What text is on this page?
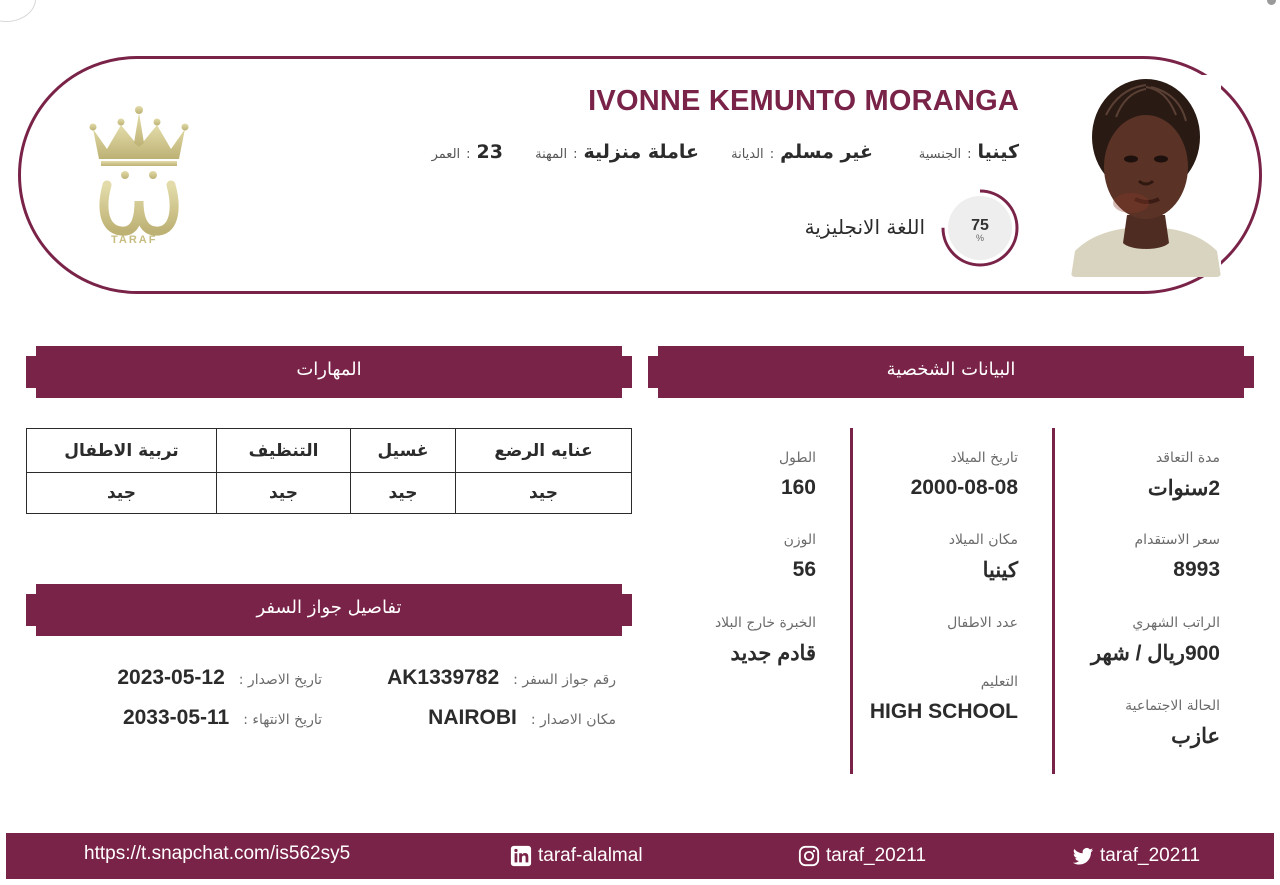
TARAF
IVONNE KEMUNTO MORANGA
الجنسية : كينيا
الديانة : غير مسلم
المهنة : عاملة منزلية
العمر : 23
اللغة الانجليزية	75
%
البيانات الشخصية
مدة التعاقد
2سنوات
سعر الاستقدام
8993
الراتب الشهري
900ريال / شهر
الحالة الاجتماعية
عازب
تاريخ الميلاد
2000-08-08
مكان الميلاد
كينيا
عدد الاطفال
التعليم
HIGH SCHOOL
الطول
160
الوزن
56
الخبرة خارج البلاد
قادم جديد
المهارات
عنايه الرضع	غسيل	التنظيف	تربية الاطفال
جيد	جيد	جيد	جيد
تفاصيل جواز السفر
رقم جواز السفر :
AK1339782
مكان الاصدار :
NAIROBI
تاريخ الاصدار :
2023-05-12
تاريخ الانتهاء :
2033-05-11
https://t.snapchat.com/is562sy5	taraf-alalmal	taraf_20211	taraf_20211
